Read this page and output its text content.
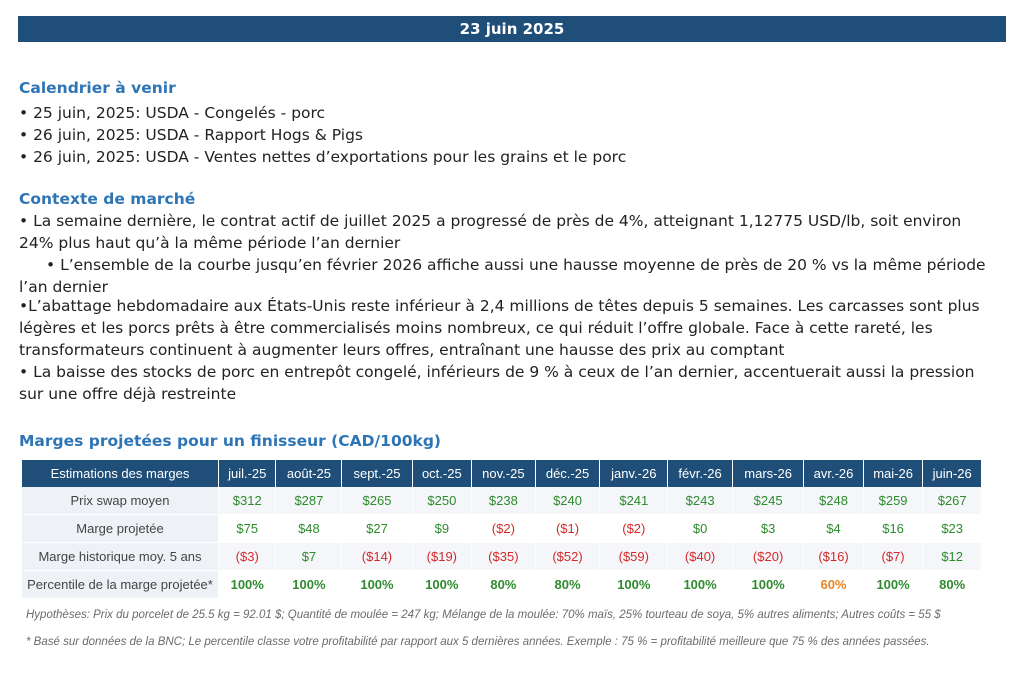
23 juin 2025
Calendrier à venir
• 25 juin, 2025: USDA - Congelés - porc
• 26 juin, 2025: USDA - Rapport Hogs & Pigs
• 26 juin, 2025: USDA - Ventes nettes d’exportations pour les grains et le porc
Contexte de marché
• La semaine dernière, le contrat actif de juillet 2025 a progressé de près de 4%, atteignant 1,12775 USD/lb, soit environ
24% plus haut qu’à la même période l’an dernier
• L’ensemble de la courbe jusqu’en février 2026 affiche aussi une hausse moyenne de près de 20 % vs la même période
l’an dernier
•L’abattage hebdomadaire aux États-Unis reste inférieur à 2,4 millions de têtes depuis 5 semaines. Les carcasses sont plus
légères et les porcs prêts à être commercialisés moins nombreux, ce qui réduit l’offre globale. Face à cette rareté, les
transformateurs continuent à augmenter leurs offres, entraînant une hausse des prix au comptant
• La baisse des stocks de porc en entrepôt congelé, inférieurs de 9 % à ceux de l’an dernier, accentuerait aussi la pression
sur une offre déjà restreinte
Marges projetées pour un finisseur (CAD/100kg)
Estimations des marges	juil.-25	août-25	sept.-25	oct.-25	nov.-25	déc.-25	janv.-26	févr.-26	mars-26	avr.-26	mai-26	juin-26
Prix swap moyen	$312	$287	$265	$250	$238	$240	$241	$243	$245	$248	$259	$267
Marge projetée	$75	$48	$27	$9	($2)	($1)	($2)	$0	$3	$4	$16	$23
Marge historique moy. 5 ans	($3)	$7	($14)	($19)	($35)	($52)	($59)	($40)	($20)	($16)	($7)	$12
Percentile de la marge projetée*	100%	100%	100%	100%	80%	80%	100%	100%	100%	60%	100%	80%
Hypothèses: Prix du porcelet de 25.5 kg = 92.01 $; Quantité de moulée = 247 kg; Mélange de la moulée: 70% maïs, 25% tourteau de soya, 5% autres aliments; Autres coûts = 55 $
* Basé sur données de la BNC; Le percentile classe votre profitabilité par rapport aux 5 dernières années. Exemple : 75 % = profitabilité meilleure que 75 % des années passées.
